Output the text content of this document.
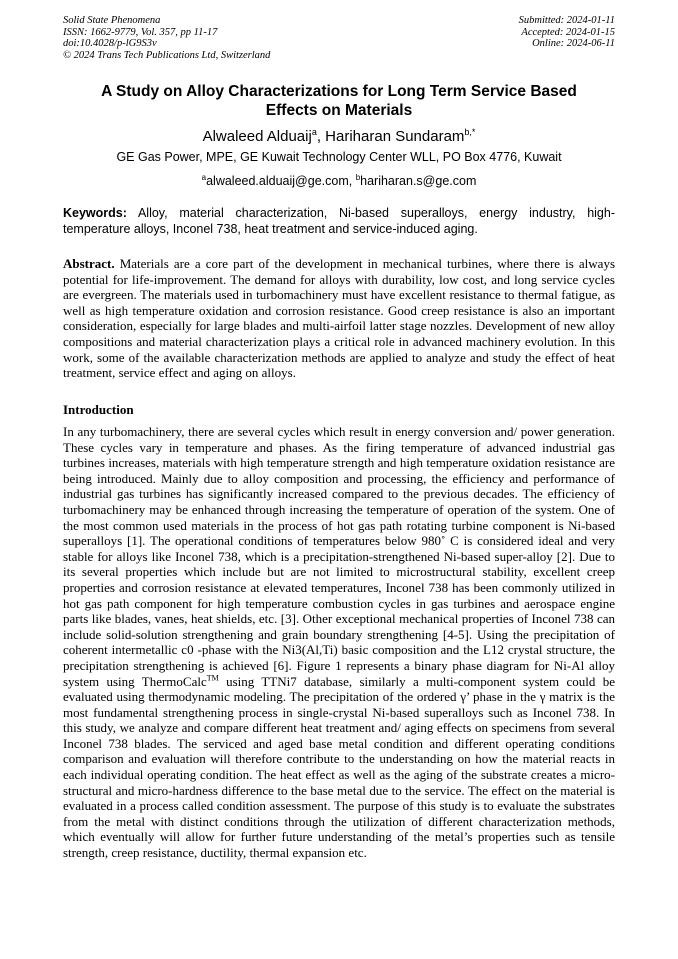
Solid State Phenomena
ISSN: 1662-9779, Vol. 357, pp 11-17
doi:10.4028/p-lG9S3v
© 2024 Trans Tech Publications Ltd, Switzerland
Submitted: 2024-01-11
Accepted: 2024-01-15
Online: 2024-06-11
A Study on Alloy Characterizations for Long Term Service Based
Effects on Materials
Alwaleed Alduaij$^a$, Hariharan Sundaram$^{b,*}$
GE Gas Power, MPE, GE Kuwait Technology Center WLL, PO Box 4776, Kuwait
$^a$alwaleed.alduaij@ge.com, $^b$hariharan.s@ge.com
Keywords: Alloy, material characterization, Ni-based superalloys, energy industry, high-temperature alloys, Inconel 738, heat treatment and service-induced aging.
Abstract. Materials are a core part of the development in mechanical turbines, where there is always potential for life-improvement. The demand for alloys with durability, low cost, and long service cycles are evergreen. The materials used in turbomachinery must have excellent resistance to thermal fatigue, as well as high temperature oxidation and corrosion resistance. Good creep resistance is also an important consideration, especially for large blades and multi-airfoil latter stage nozzles. Development of new alloy compositions and material characterization plays a critical role in advanced machinery evolution. In this work, some of the available characterization methods are applied to analyze and study the effect of heat treatment, service effect and aging on alloys.
Introduction
In any turbomachinery, there are several cycles which result in energy conversion and/ power generation. These cycles vary in temperature and phases. As the firing temperature of advanced industrial gas turbines increases, materials with high temperature strength and high temperature oxidation resistance are being introduced. Mainly due to alloy composition and processing, the efficiency and performance of industrial gas turbines has significantly increased compared to the previous decades. The efficiency of turbomachinery may be enhanced through increasing the temperature of operation of the system. One of the most common used materials in the process of hot gas path rotating turbine component is Ni-based superalloys [1]. The operational conditions of temperatures below 980˚ C is considered ideal and very stable for alloys like Inconel 738, which is a precipitation-strengthened Ni-based super-alloy [2]. Due to its several properties which include but are not limited to microstructural stability, excellent creep properties and corrosion resistance at elevated temperatures, Inconel 738 has been commonly utilized in hot gas path component for high temperature combustion cycles in gas turbines and aerospace engine parts like blades, vanes, heat shields, etc. [3]. Other exceptional mechanical properties of Inconel 738 can include solid-solution strengthening and grain boundary strengthening [4-5]. Using the precipitation of coherent intermetallic c0 -phase with the Ni3(Al,Ti) basic composition and the L12 crystal structure, the precipitation strengthening is achieved [6]. Figure 1 represents a binary phase diagram for Ni-Al alloy system using ThermoCalc™ using TTNi7 database, similarly a multi-component system could be evaluated using thermodynamic modeling. The precipitation of the ordered γ’ phase in the γ matrix is the most fundamental strengthening process in single-crystal Ni-based superalloys such as Inconel 738. In this study, we analyze and compare different heat treatment and/ aging effects on specimens from several Inconel 738 blades. The serviced and aged base metal condition and different operating conditions comparison and evaluation will therefore contribute to the understanding on how the material reacts in each individual operating condition. The heat effect as well as the aging of the substrate creates a micro-structural and micro-hardness difference to the base metal due to the service. The effect on the material is evaluated in a process called condition assessment. The purpose of this study is to evaluate the substrates from the metal with distinct conditions through the utilization of different characterization methods, which eventually will allow for further future understanding of the metal’s properties such as tensile strength, creep resistance, ductility, thermal expansion etc.
